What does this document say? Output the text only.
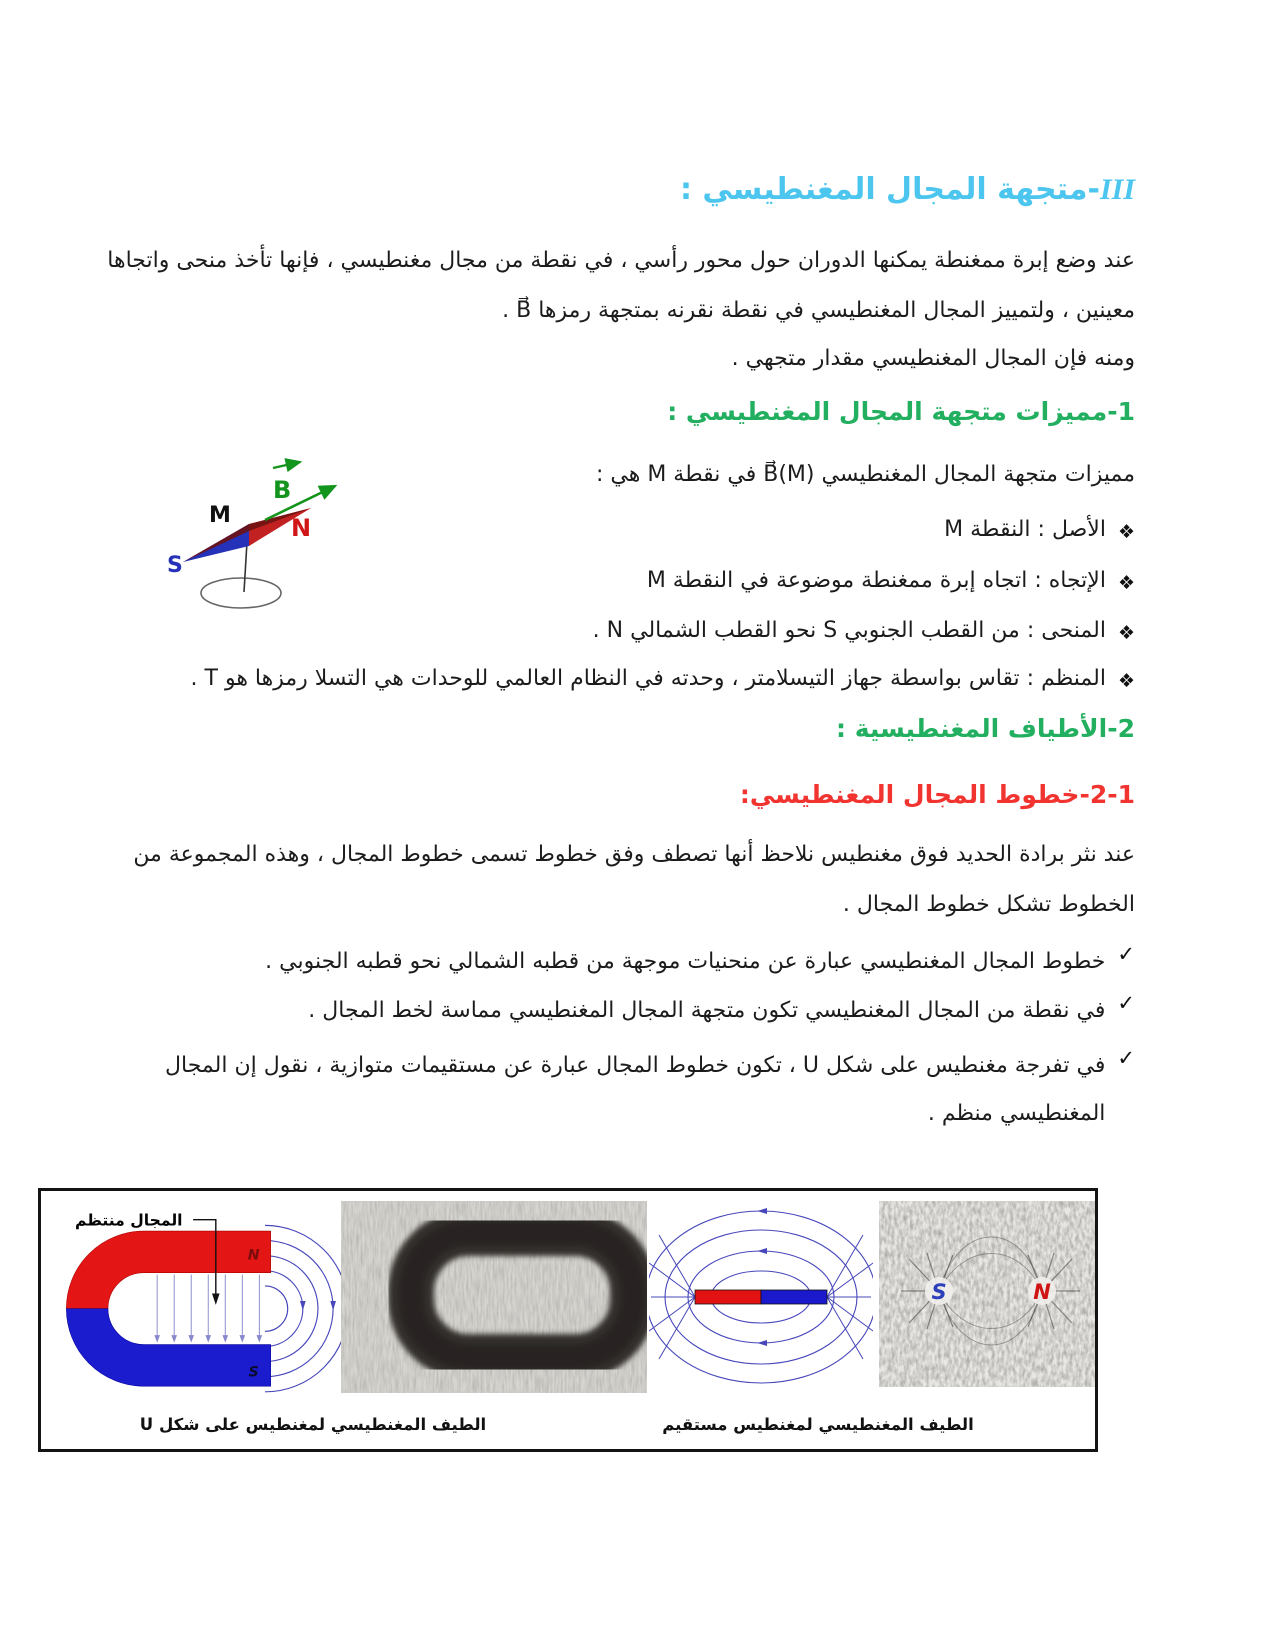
III-متجهة المجال المغنطيسي :
عند وضع إبرة ممغنطة يمكنها الدوران حول محور رأسي ، في نقطة من مجال مغنطيسي ، فإنها تأخذ منحى واتجاها
معينين ، ولتمييز المجال المغنطيسي في نقطة نقرنه بمتجهة رمزها B⃗ .
ومنه فإن المجال المغنطيسي مقدار متجهي .
1-مميزات متجهة المجال المغنطيسي :
S
M
B
N
مميزات متجهة المجال المغنطيسي B⃗(M) في نقطة M هي :
❖
الأصل : النقطة M
❖
الإتجاه : اتجاه إبرة ممغنطة موضوعة في النقطة M
❖
المنحى : من القطب الجنوبي S نحو القطب الشمالي N .
❖
المنظم : تقاس بواسطة جهاز التيسلامتر ، وحدته في النظام العالمي للوحدات هي التسلا رمزها هو T .
2-الأطياف المغنطيسية :
2-1-خطوط المجال المغنطيسي:
عند نثر برادة الحديد فوق مغنطيس نلاحظ أنها تصطف وفق خطوط تسمى خطوط المجال ، وهذه المجموعة من
الخطوط تشكل خطوط المجال .
✓
خطوط المجال المغنطيسي عبارة عن منحنيات موجهة من قطبه الشمالي نحو قطبه الجنوبي .
✓
في نقطة من المجال المغنطيسي تكون متجهة المجال المغنطيسي مماسة لخط المجال .
✓
في تفرجة مغنطيس على شكل U ، تكون خطوط المجال عبارة عن مستقيمات متوازية ، نقول إن المجال المغنطيسي منظم .
N
S
المجال منتظم
S	N
الطيف المغنطيسي لمغنطيس على شكل U	الطيف المغنطيسي لمغنطيس مستقيم
